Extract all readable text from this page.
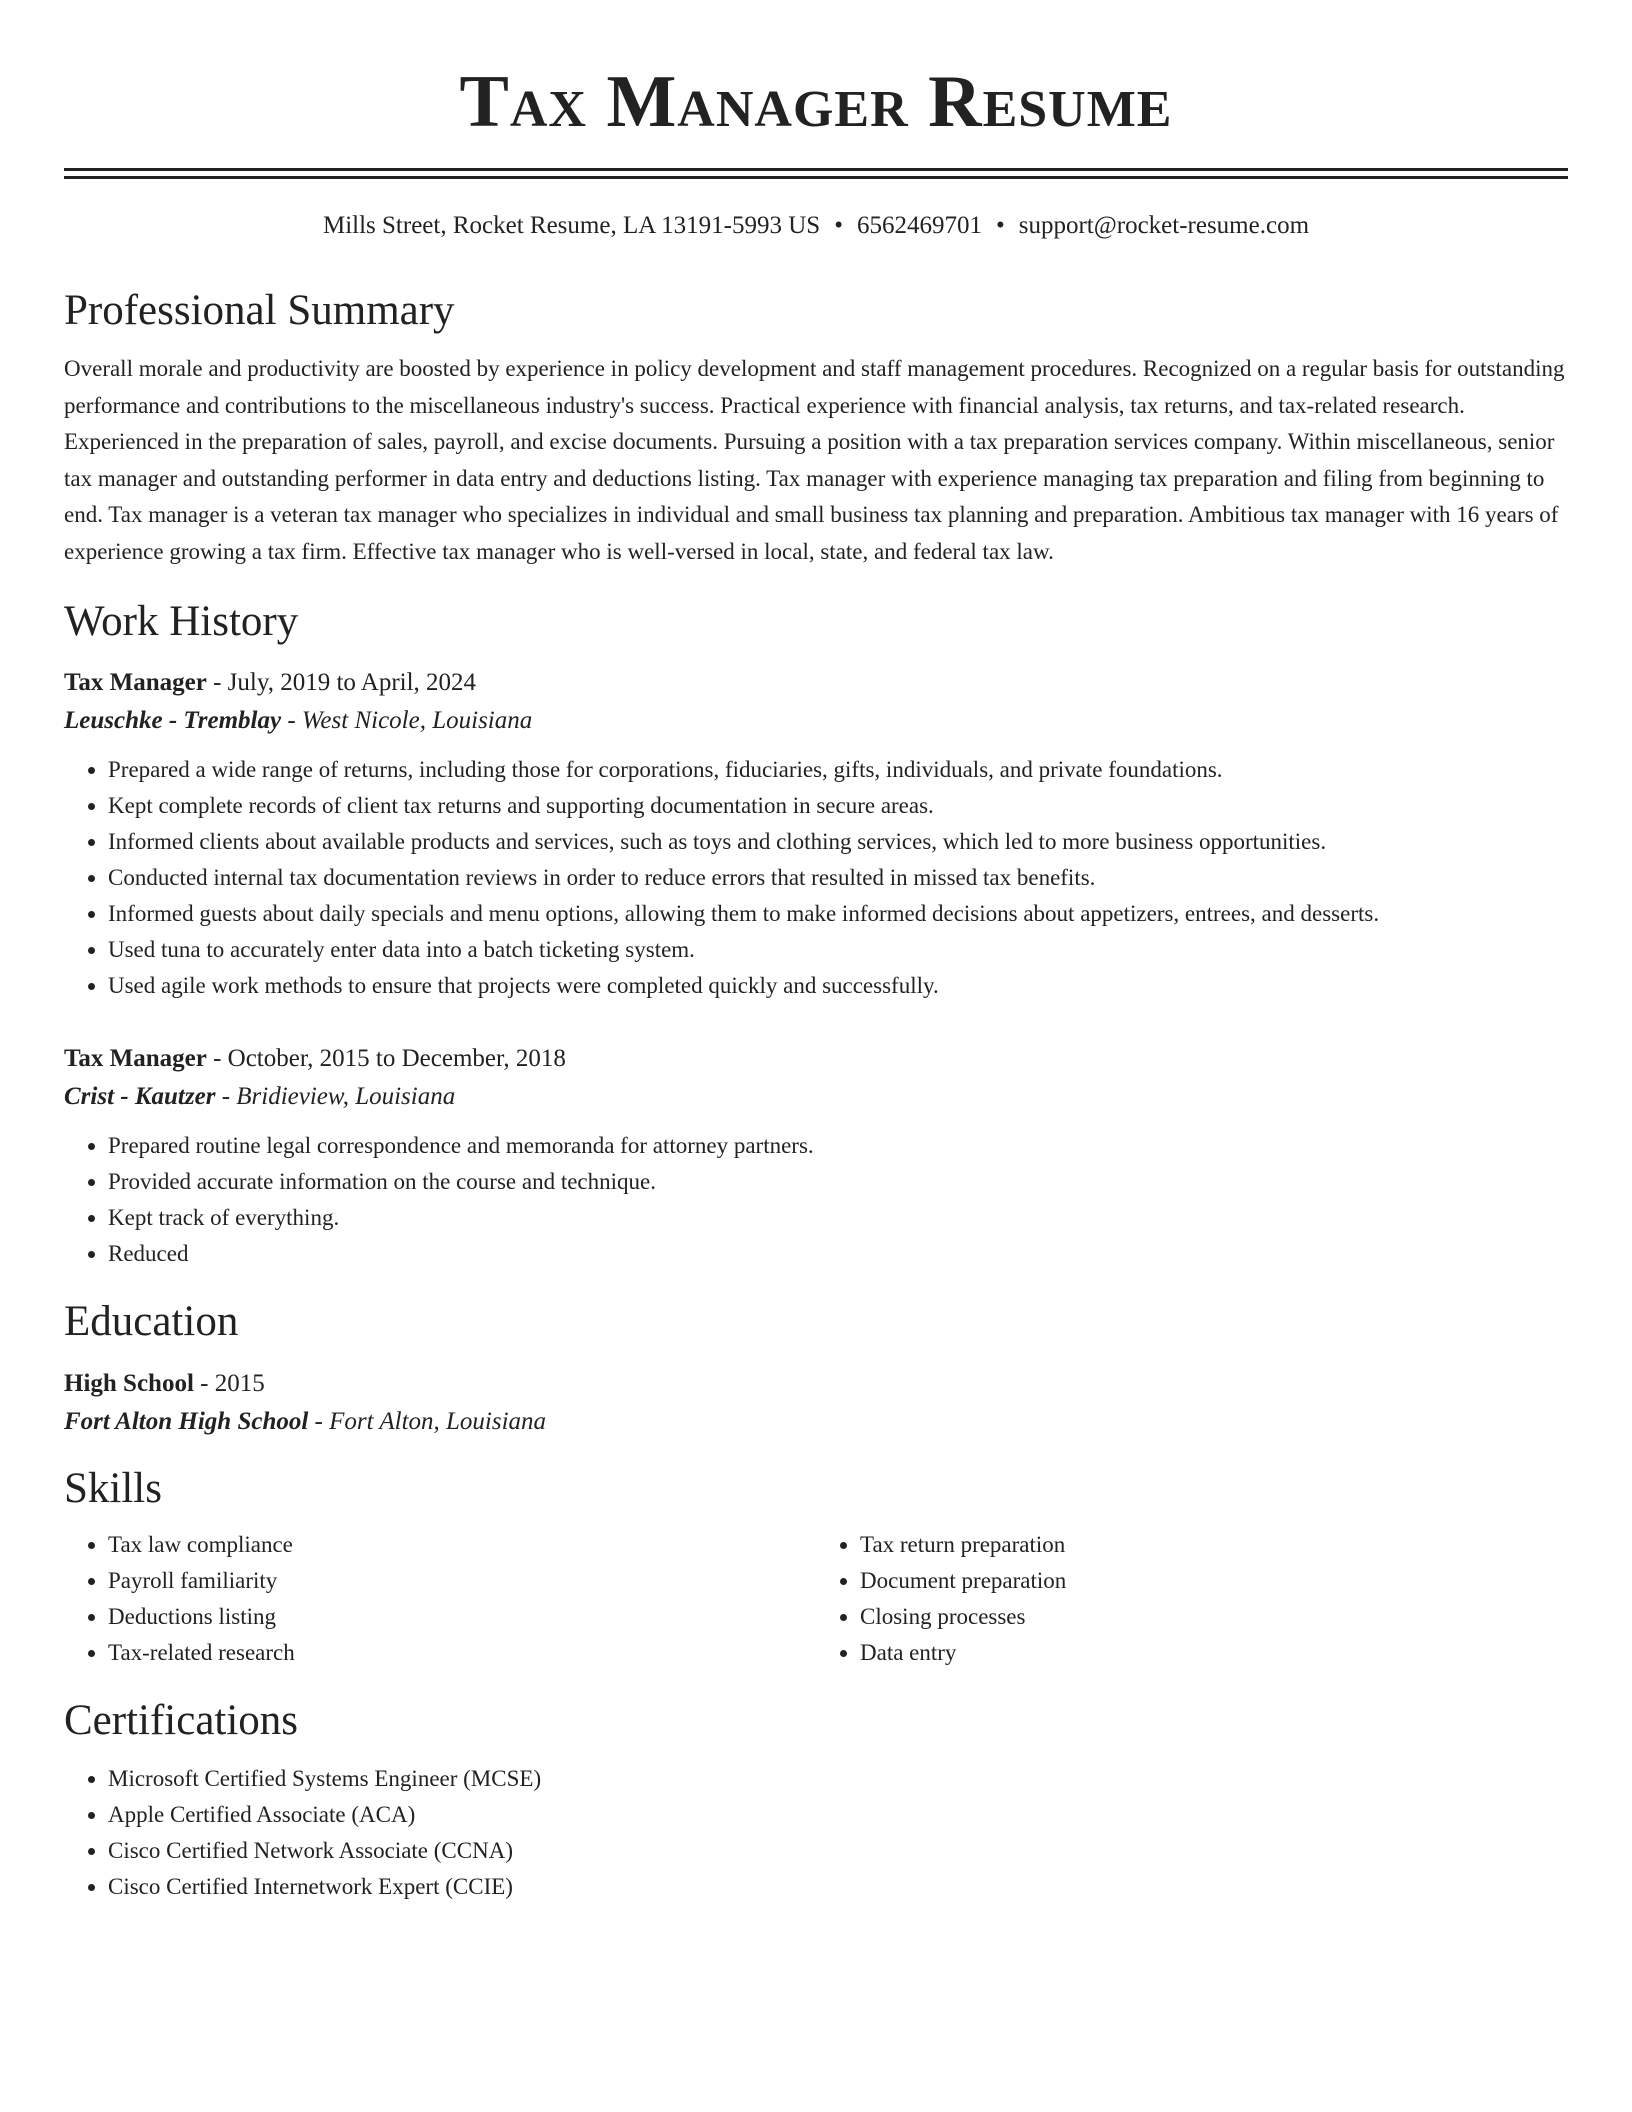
Tax Manager Resume
Mills Street, Rocket Resume, LA 13191-5993 US • 6562469701 • support@rocket-resume.com
Professional Summary

Overall morale and productivity are boosted by experience in policy development and staff management procedures. Recognized on a regular basis for outstanding performance and contributions to the miscellaneous industry's success. Practical experience with financial analysis, tax returns, and tax-related research. Experienced in the preparation of sales, payroll, and excise documents. Pursuing a position with a tax preparation services company. Within miscellaneous, senior tax manager and outstanding performer in data entry and deductions listing. Tax manager with experience managing tax preparation and filing from beginning to end. Tax manager is a veteran tax manager who specializes in individual and small business tax planning and preparation. Ambitious tax manager with 16 years of experience growing a tax firm. Effective tax manager who is well-versed in local, state, and federal tax law.

Work History
Tax Manager - July, 2019 to April, 2024
Leuschke - Tremblay - West Nicole, Louisiana
• Prepared a wide range of returns, including those for corporations, fiduciaries, gifts, individuals, and private foundations.
• Kept complete records of client tax returns and supporting documentation in secure areas.
• Informed clients about available products and services, such as toys and clothing services, which led to more business opportunities.
• Conducted internal tax documentation reviews in order to reduce errors that resulted in missed tax benefits.
• Informed guests about daily specials and menu options, allowing them to make informed decisions about appetizers, entrees, and desserts.
• Used tuna to accurately enter data into a batch ticketing system.
• Used agile work methods to ensure that projects were completed quickly and successfully.
Tax Manager - October, 2015 to December, 2018
Crist - Kautzer - Bridieview, Louisiana
• Prepared routine legal correspondence and memoranda for attorney partners.
• Provided accurate information on the course and technique.
• Kept track of everything.
• Reduced
Education
High School - 2015
Fort Alton High School - Fort Alton, Louisiana
Skills
• Tax law compliance
• Payroll familiarity
• Deductions listing
• Tax-related research
• Tax return preparation
• Document preparation
• Closing processes
• Data entry
Certifications
• Microsoft Certified Systems Engineer (MCSE)
• Apple Certified Associate (ACA)
• Cisco Certified Network Associate (CCNA)
• Cisco Certified Internetwork Expert (CCIE)
